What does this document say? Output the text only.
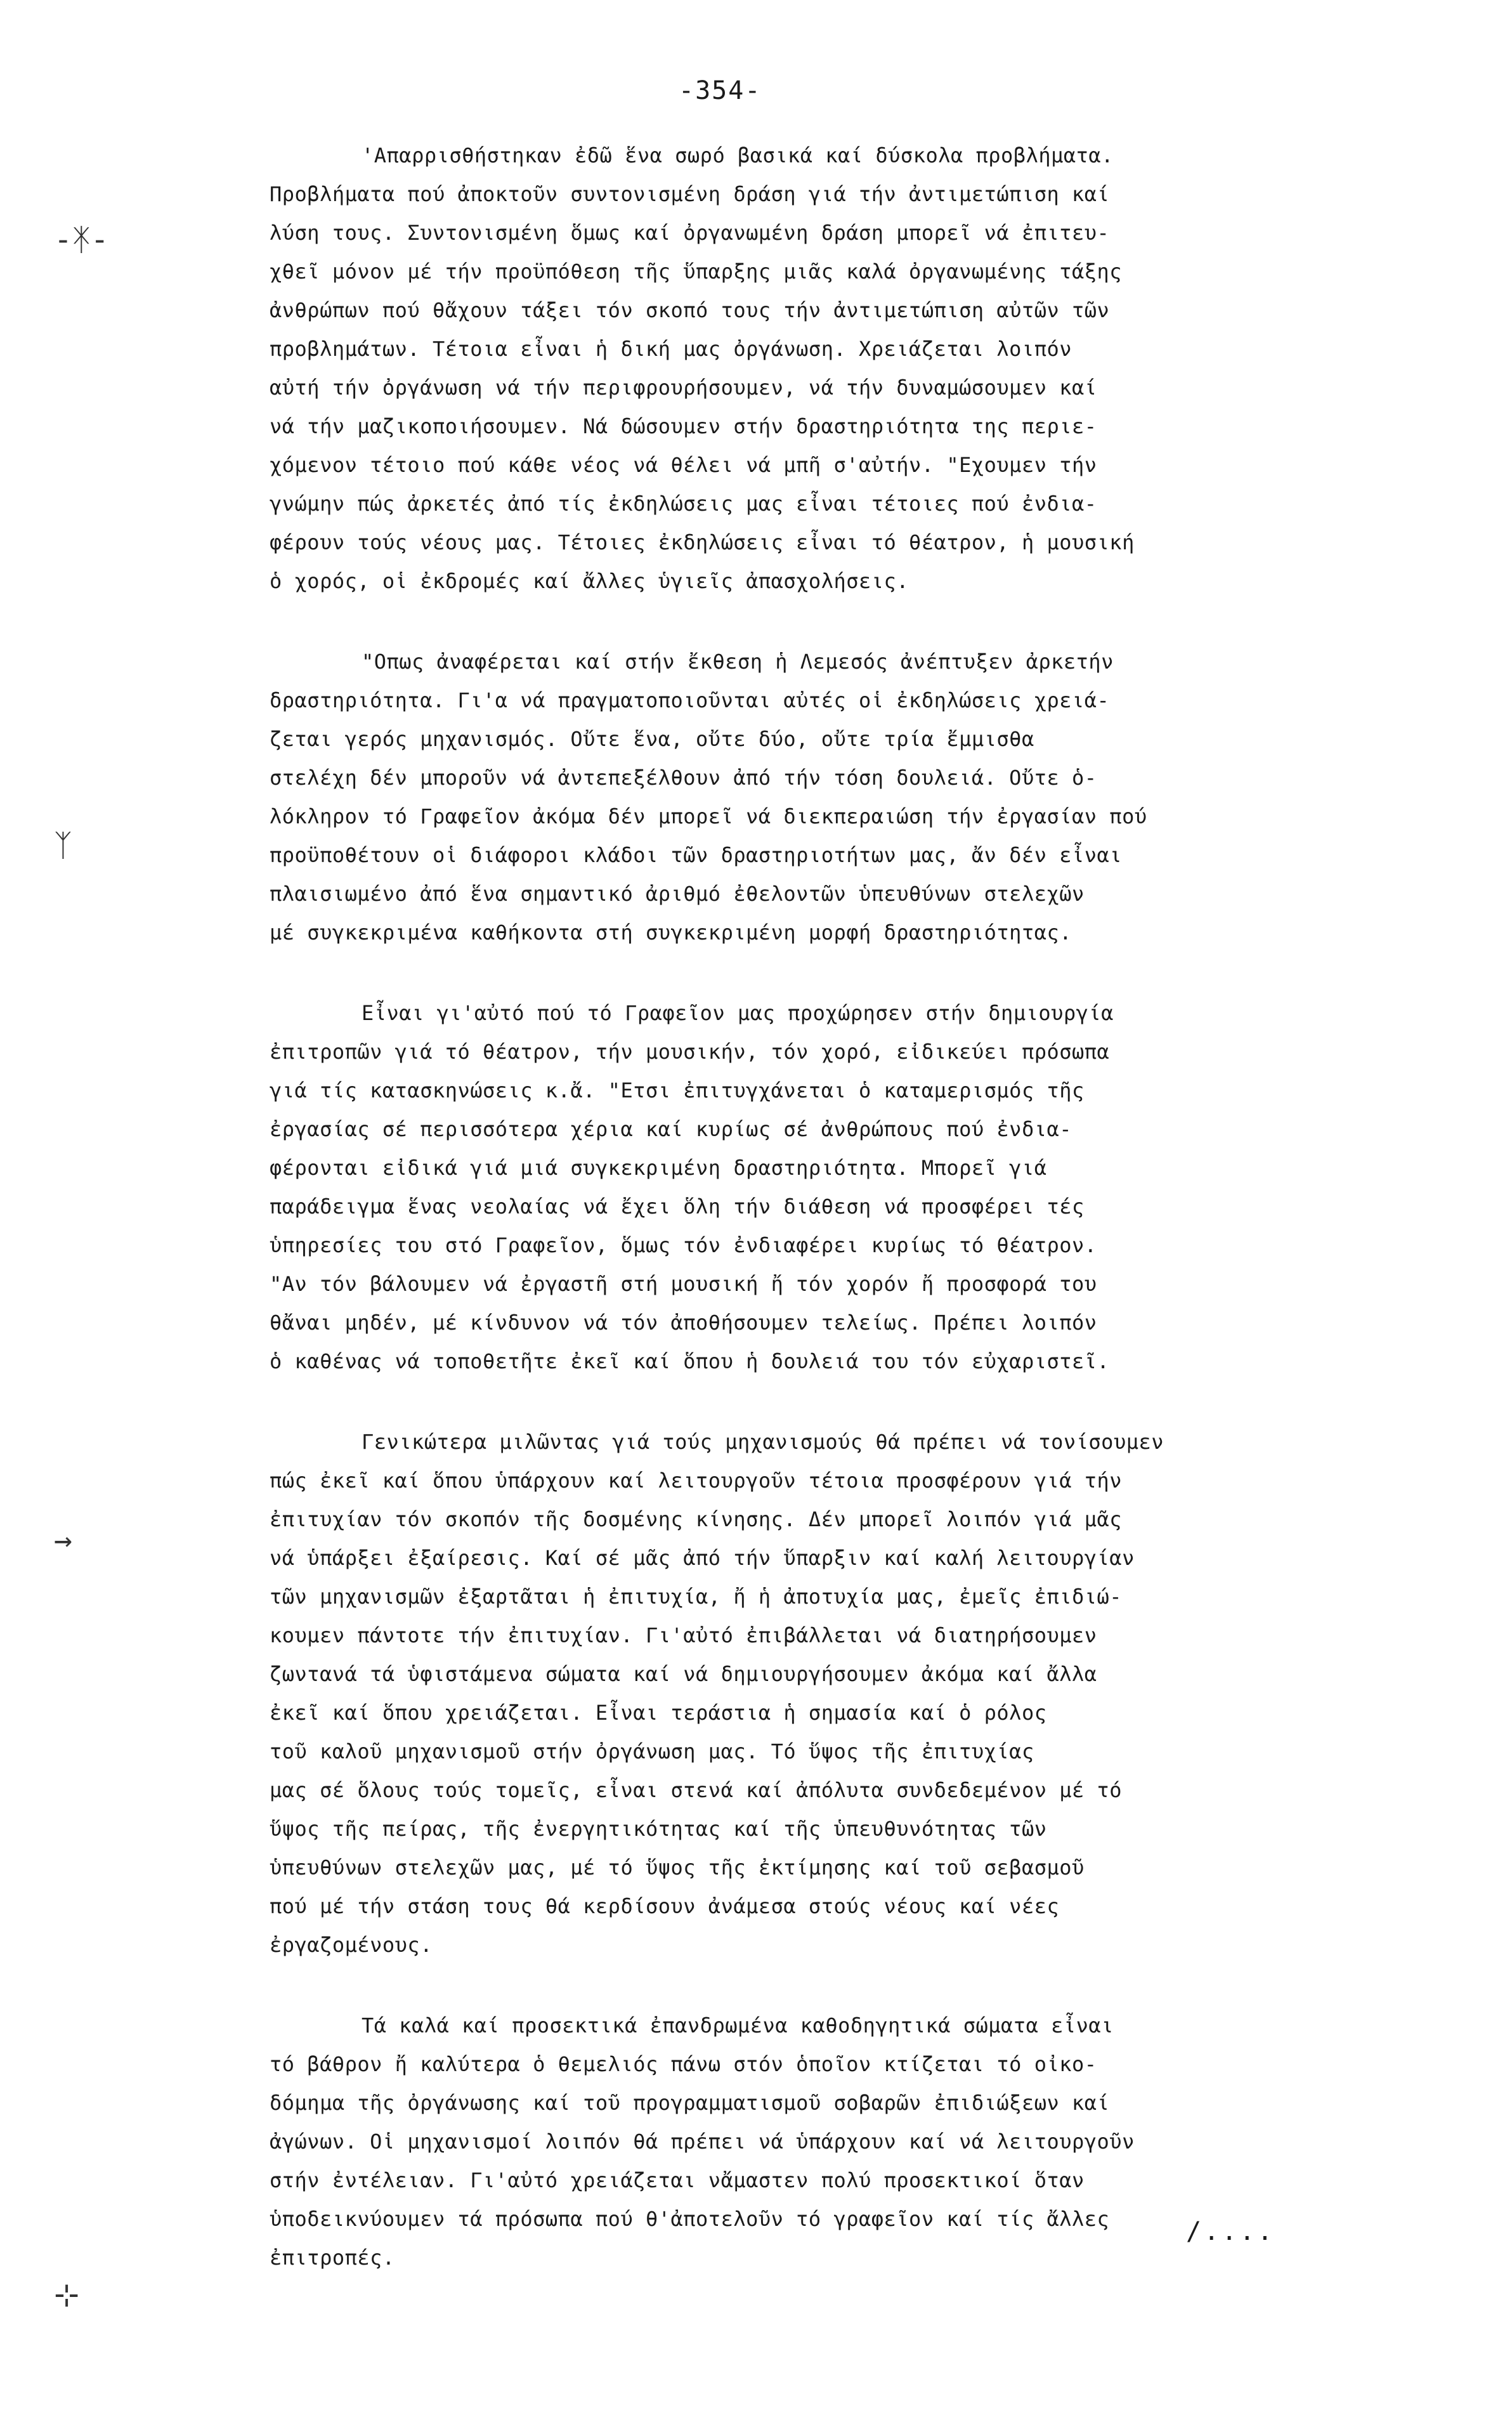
-354-
-ᛡ-
ᛉ
→
⊹
'Απαρρισθήστηκαν ἐδῶ ἕνα σωρό βασικά καί δύσκολα προβλήματα.
Προβλήματα πού ἀποκτοῦν συντονισμένη δράση γιά τήν ἀντιμετώπιση καί
λύση τους. Συντονισμένη ὅμως καί ὀργανωμένη δράση μπορεῖ νά ἐπιτευ-
χθεῖ μόνον μέ τήν προϋπόθεση τῆς ὕπαρξης μιᾶς καλά ὀργανωμένης τάξης
ἀνθρώπων πού θἄχουν τάξει τόν σκοπό τους τήν ἀντιμετώπιση αὐτῶν τῶν
προβλημάτων. Τέτοια εἶναι ἡ δική μας ὀργάνωση. Χρειάζεται λοιπόν
αὐτή τήν ὀργάνωση νά τήν περιφρουρήσουμεν, νά τήν δυναμώσουμεν καί
νά τήν μαζικοποιήσουμεν. Νά δώσουμεν στήν δραστηριότητα της περιε-
χόμενον τέτοιο πού κάθε νέος νά θέλει νά μπῆ σ'αὐτήν. "Εχουμεν τήν
γνώμην πώς ἀρκετές ἀπό τίς ἐκδηλώσεις μας εἶναι τέτοιες πού ἐνδια-
φέρουν τούς νέους μας. Τέτοιες ἐκδηλώσεις εἶναι τό θέατρον, ἡ μουσική
ὁ χορός, οἱ ἐκδρομές καί ἄλλες ὑγιεῖς ἀπασχολήσεις.
"Οπως ἀναφέρεται καί στήν ἔκθεση ἡ Λεμεσός ἀνέπτυξεν ἀρκετήν
δραστηριότητα. Γι'α νά πραγματοποιοῦνται αὐτές οἱ ἐκδηλώσεις χρειά-
ζεται γερός μηχανισμός. Οὔτε ἕνα, οὔτε δύο, οὔτε τρία ἔμμισθα
στελέχη δέν μποροῦν νά ἀντεπεξέλθουν ἀπό τήν τόση δουλειά. Οὔτε ὁ-
λόκληρον τό Γραφεῖον ἀκόμα δέν μπορεῖ νά διεκπεραιώση τήν ἐργασίαν πού
προϋποθέτουν οἱ διάφοροι κλάδοι τῶν δραστηριοτήτων μας, ἄν δέν εἶναι
πλαισιωμένο ἀπό ἕνα σημαντικό ἀριθμό ἐθελοντῶν ὑπευθύνων στελεχῶν
μέ συγκεκριμένα καθήκοντα στή συγκεκριμένη μορφή δραστηριότητας.
Εἶναι γι'αὐτό πού τό Γραφεῖον μας προχώρησεν στήν δημιουργία
ἐπιτροπῶν γιά τό θέατρον, τήν μουσικήν, τόν χορό, εἰδικεύει πρόσωπα
γιά τίς κατασκηνώσεις κ.ἄ. "Ετσι ἐπιτυγχάνεται ὁ καταμερισμός τῆς
ἐργασίας σέ περισσότερα χέρια καί κυρίως σέ ἀνθρώπους πού ἐνδια-
φέρονται εἰδικά γιά μιά συγκεκριμένη δραστηριότητα. Μπορεῖ γιά
παράδειγμα ἕνας νεολαίας νά ἔχει ὅλη τήν διάθεση νά προσφέρει τές
ὑπηρεσίες του στό Γραφεῖον, ὅμως τόν ἐνδιαφέρει κυρίως τό θέατρον.
"Αν τόν βάλουμεν νά ἐργαστῆ στή μουσική ἤ τόν χορόν ἤ προσφορά του
θἄναι μηδέν, μέ κίνδυνον νά τόν ἀποθήσουμεν τελείως. Πρέπει λοιπόν
ὁ καθένας νά τοποθετῆτε ἐκεῖ καί ὅπου ἡ δουλειά του τόν εὐχαριστεῖ.
Γενικώτερα μιλῶντας γιά τούς μηχανισμούς θά πρέπει νά τονίσουμεν
πώς ἐκεῖ καί ὅπου ὑπάρχουν καί λειτουργοῦν τέτοια προσφέρουν γιά τήν
ἐπιτυχίαν τόν σκοπόν τῆς δοσμένης κίνησης. Δέν μπορεῖ λοιπόν γιά μᾶς
νά ὑπάρξει ἐξαίρεσις. Καί σέ μᾶς ἀπό τήν ὕπαρξιν καί καλή λειτουργίαν
τῶν μηχανισμῶν ἐξαρτᾶται ἡ ἐπιτυχία, ἤ ἡ ἀποτυχία μας, ἐμεῖς ἐπιδιώ-
κουμεν πάντοτε τήν ἐπιτυχίαν. Γι'αὐτό ἐπιβάλλεται νά διατηρήσουμεν
ζωντανά τά ὑφιστάμενα σώματα καί νά δημιουργήσουμεν ἀκόμα καί ἄλλα
ἐκεῖ καί ὅπου χρειάζεται. Εἶναι τεράστια ἡ σημασία καί ὁ ρόλος
τοῦ καλοῦ μηχανισμοῦ στήν ὀργάνωση μας. Τό ὕψος τῆς ἐπιτυχίας
μας σέ ὅλους τούς τομεῖς, εἶναι στενά καί ἀπόλυτα συνδεδεμένον μέ τό
ὕψος τῆς πείρας, τῆς ἐνεργητικότητας καί τῆς ὑπευθυνότητας τῶν
ὑπευθύνων στελεχῶν μας, μέ τό ὕψος τῆς ἐκτίμησης καί τοῦ σεβασμοῦ
πού μέ τήν στάση τους θά κερδίσουν ἀνάμεσα στούς νέους καί νέες
ἐργαζομένους.
Τά καλά καί προσεκτικά ἐπανδρωμένα καθοδηγητικά σώματα εἶναι
τό βάθρον ἤ καλύτερα ὁ θεμελιός πάνω στόν ὁποῖον κτίζεται τό οἰκο-
δόμημα τῆς ὀργάνωσης καί τοῦ προγραμματισμοῦ σοβαρῶν ἐπιδιώξεων καί
ἀγώνων. Οἱ μηχανισμοί λοιπόν θά πρέπει νά ὑπάρχουν καί νά λειτουργοῦν
στήν ἐντέλειαν. Γι'αὐτό χρειάζεται νἄμαστεν πολύ προσεκτικοί ὅταν
ὑποδεικνύουμεν τά πρόσωπα πού θ'ἀποτελοῦν τό γραφεῖον καί τίς ἄλλες
ἐπιτροπές.
/....
